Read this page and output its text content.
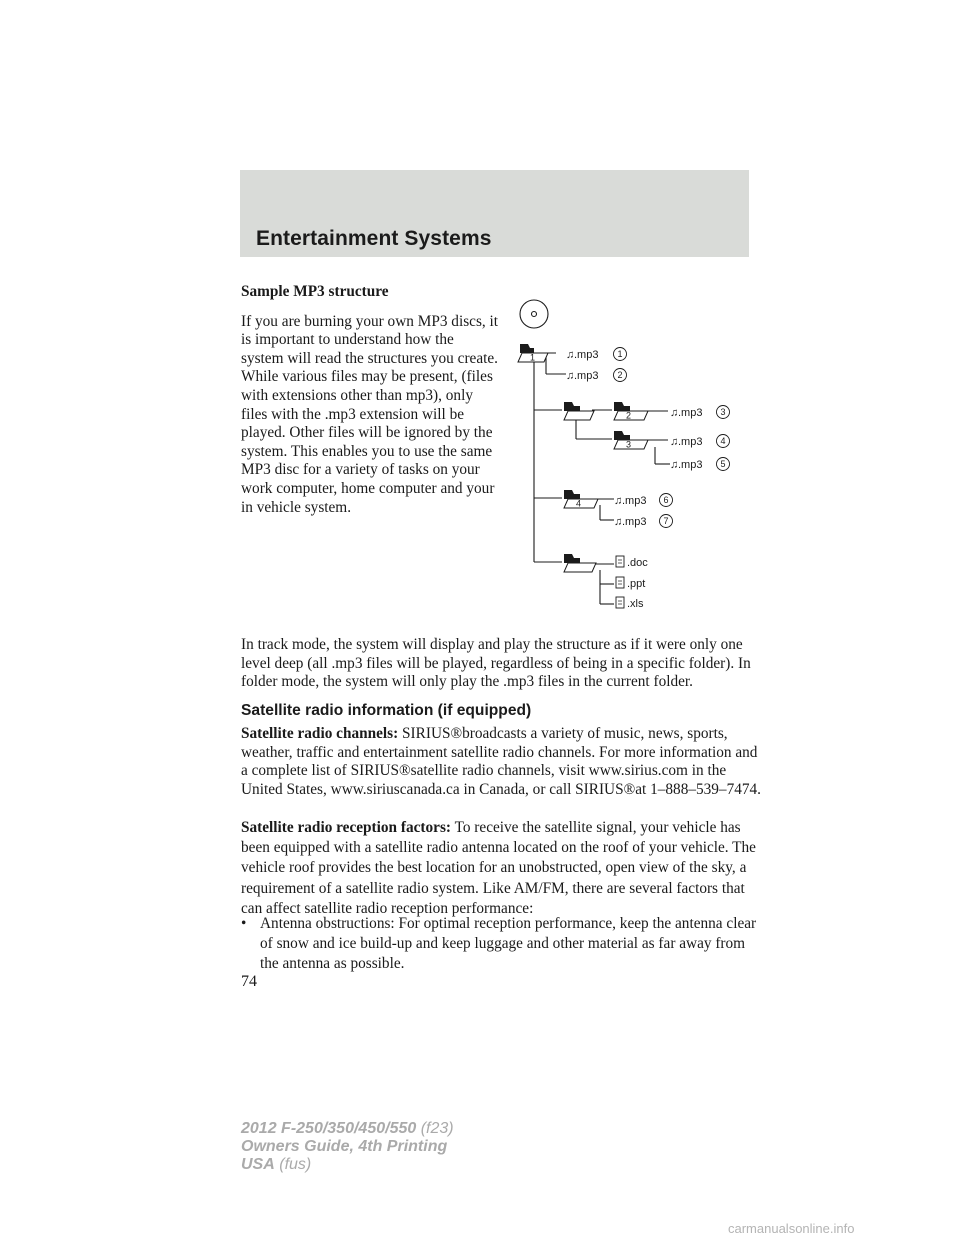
Entertainment Systems

Sample MP3 structure
If you are burning your own MP3 discs, it is important to understand how the system will read the structures you create. While various files may be present, (files with extensions other than mp3), only files with the .mp3 extension will be played. Other files will be ignored by the system. This enables you to use the same MP3 disc for a variety of tasks on your work computer, home computer and your in vehicle system.

1
2
3
4
♫ .mp3 1
♫ .mp3 2
♫ .mp3 3
♫ .mp3 4
♫ .mp3 5
♫ .mp3 6
♫ .mp3 7
.doc
.ppt
.xls

In track mode, the system will display and play the structure as if it were only one level deep (all .mp3 files will be played, regardless of being in a specific folder). In folder mode, the system will only play the .mp3 files in the current folder.

Satellite radio information (if equipped)

Satellite radio channels: SIRIUS®broadcasts a variety of music, news, sports, weather, traffic and entertainment satellite radio channels. For more information and a complete list of SIRIUS®satellite radio channels, visit www.sirius.com in the United States, www.siriuscanada.ca in Canada, or call SIRIUS®at 1–888–539–7474.

Satellite radio reception factors: To receive the satellite signal, your vehicle has been equipped with a satellite radio antenna located on the roof of your vehicle. The vehicle roof provides the best location for an unobstructed, open view of the sky, a requirement of a satellite radio system. Like AM/FM, there are several factors that can affect satellite radio reception performance:

• Antenna obstructions: For optimal reception performance, keep the antenna clear of snow and ice build-up and keep luggage and other material as far away from the antenna as possible.
74
2012 F-250/350/450/550 (f23)
Owners Guide, 4th Printing
USA (fus)
carmanualsonline.info
